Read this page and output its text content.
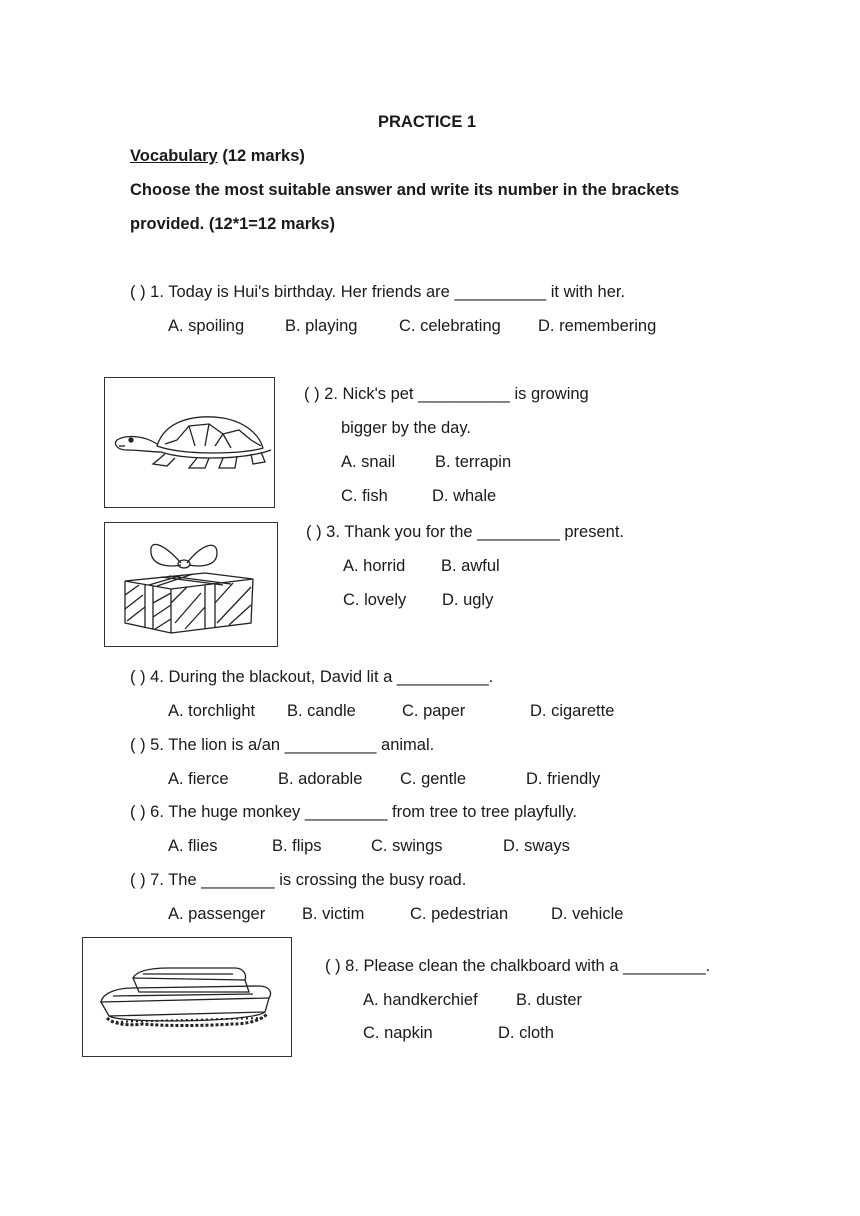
PRACTICE 1
Vocabulary (12 marks)
Choose the most suitable answer and write its number in the brackets
provided. (12*1=12 marks)
( ) 1. Today is Hui's birthday. Her friends are __________ it with her.
A. spoiling B. playing	C. celebrating D. remembering
( ) 2. Nick's pet __________ is growing
bigger by the day.
A. snail B. terrapin
C. fish	D. whale
( ) 3. Thank you for the _________ present.
A. horrid B. awful
C. lovely D. ugly
( ) 4. During the blackout, David lit a __________.
A. torchlight B. candle	C. paper	D. cigarette
( ) 5. The lion is a/an __________ animal.
A. fierce	B. adorable C. gentle	D. friendly
( ) 6. The huge monkey _________ from tree to tree playfully.
A. flies	B. flips	C. swings	D. sways
( ) 7. The ________ is crossing the busy road.
A. passenger B. victim	C. pedestrian	D. vehicle
( ) 8. Please clean the chalkboard with a _________.
A. handkerchief B. duster
C. napkin	D. cloth
